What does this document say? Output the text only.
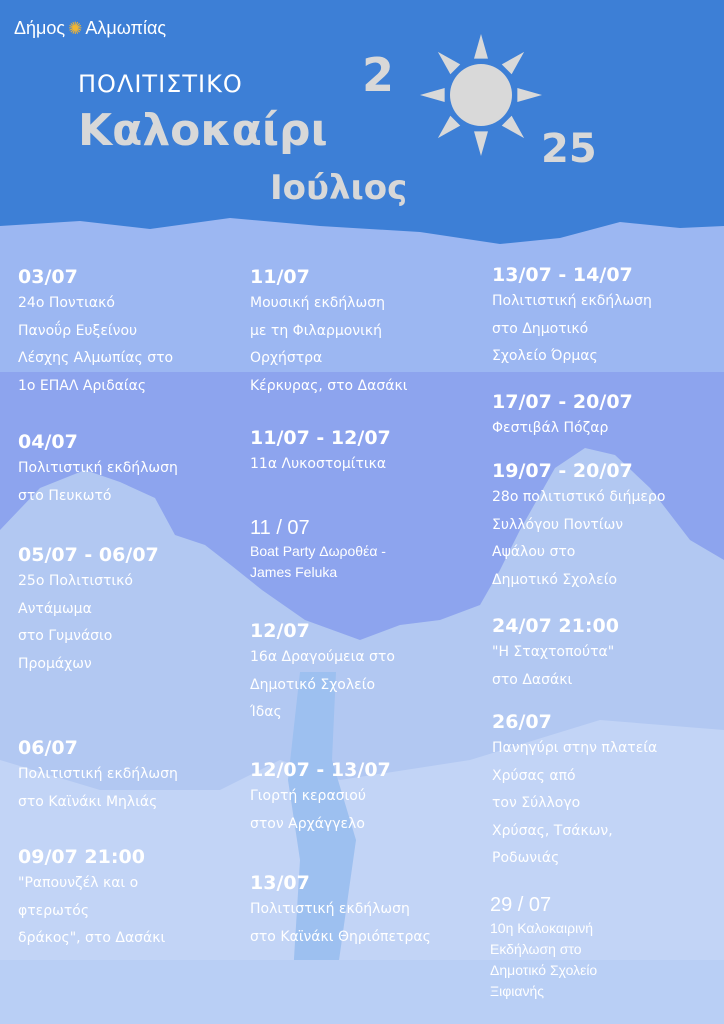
Δήμος ✺ Αλμωπίας
ΠΟΛΙΤΙΣΤΙΚΟ
Καλοκαίρι
Ιούλιος
2
25
03/07
24ο Ποντιακό
Πανοΰρ Ευξείνου
Λέσχης Αλμωπίας στο
1ο ΕΠΑΛ Αριδαίας
04/07
Πολιτιστική εκδήλωση
στο Πευκωτό
05/07 - 06/07
25ο Πολιτιστικό
Αντάμωμα
στο Γυμνάσιο
Προμάχων
06/07
Πολιτιστική εκδήλωση
στο Καϊνάκι Μηλιάς
09/07 21:00
"Ραπουνζέλ και ο
φτερωτός
δράκος", στο Δασάκι
11/07
Μουσική εκδήλωση
με τη Φιλαρμονική
Ορχήστρα
Κέρκυρας, στο Δασάκι
11/07 - 12/07
11α Λυκοστομίτικα
11 / 07
Boat Party Δωροθέα -
James Feluka
12/07
16α Δραγούμεια στο
Δημοτικό Σχολείο
Ίδας
12/07 - 13/07
Γιορτή κερασιού
στον Αρχάγγελο
13/07
Πολιτιστική εκδήλωση
στο Καϊνάκι Θηριόπετρας
13/07 - 14/07
Πολιτιστική εκδήλωση
στο Δημοτικό
Σχολείο Όρμας
17/07 - 20/07
Φεστιβάλ Πόζαρ
19/07 - 20/07
28ο πολιτιστικό διήμερο
Συλλόγου Ποντίων
Αψάλου στο
Δημοτικό Σχολείο
24/07 21:00
"Η Σταχτοπούτα"
στο Δασάκι
26/07
Πανηγύρι στην πλατεία
Χρύσας από
τον Σύλλογο
Χρύσας, Τσάκων,
Ροδωνιάς
29 / 07
10η Καλοκαιρινή
Εκδήλωση στο
Δημοτικό Σχολείο
Ξιφιανής
